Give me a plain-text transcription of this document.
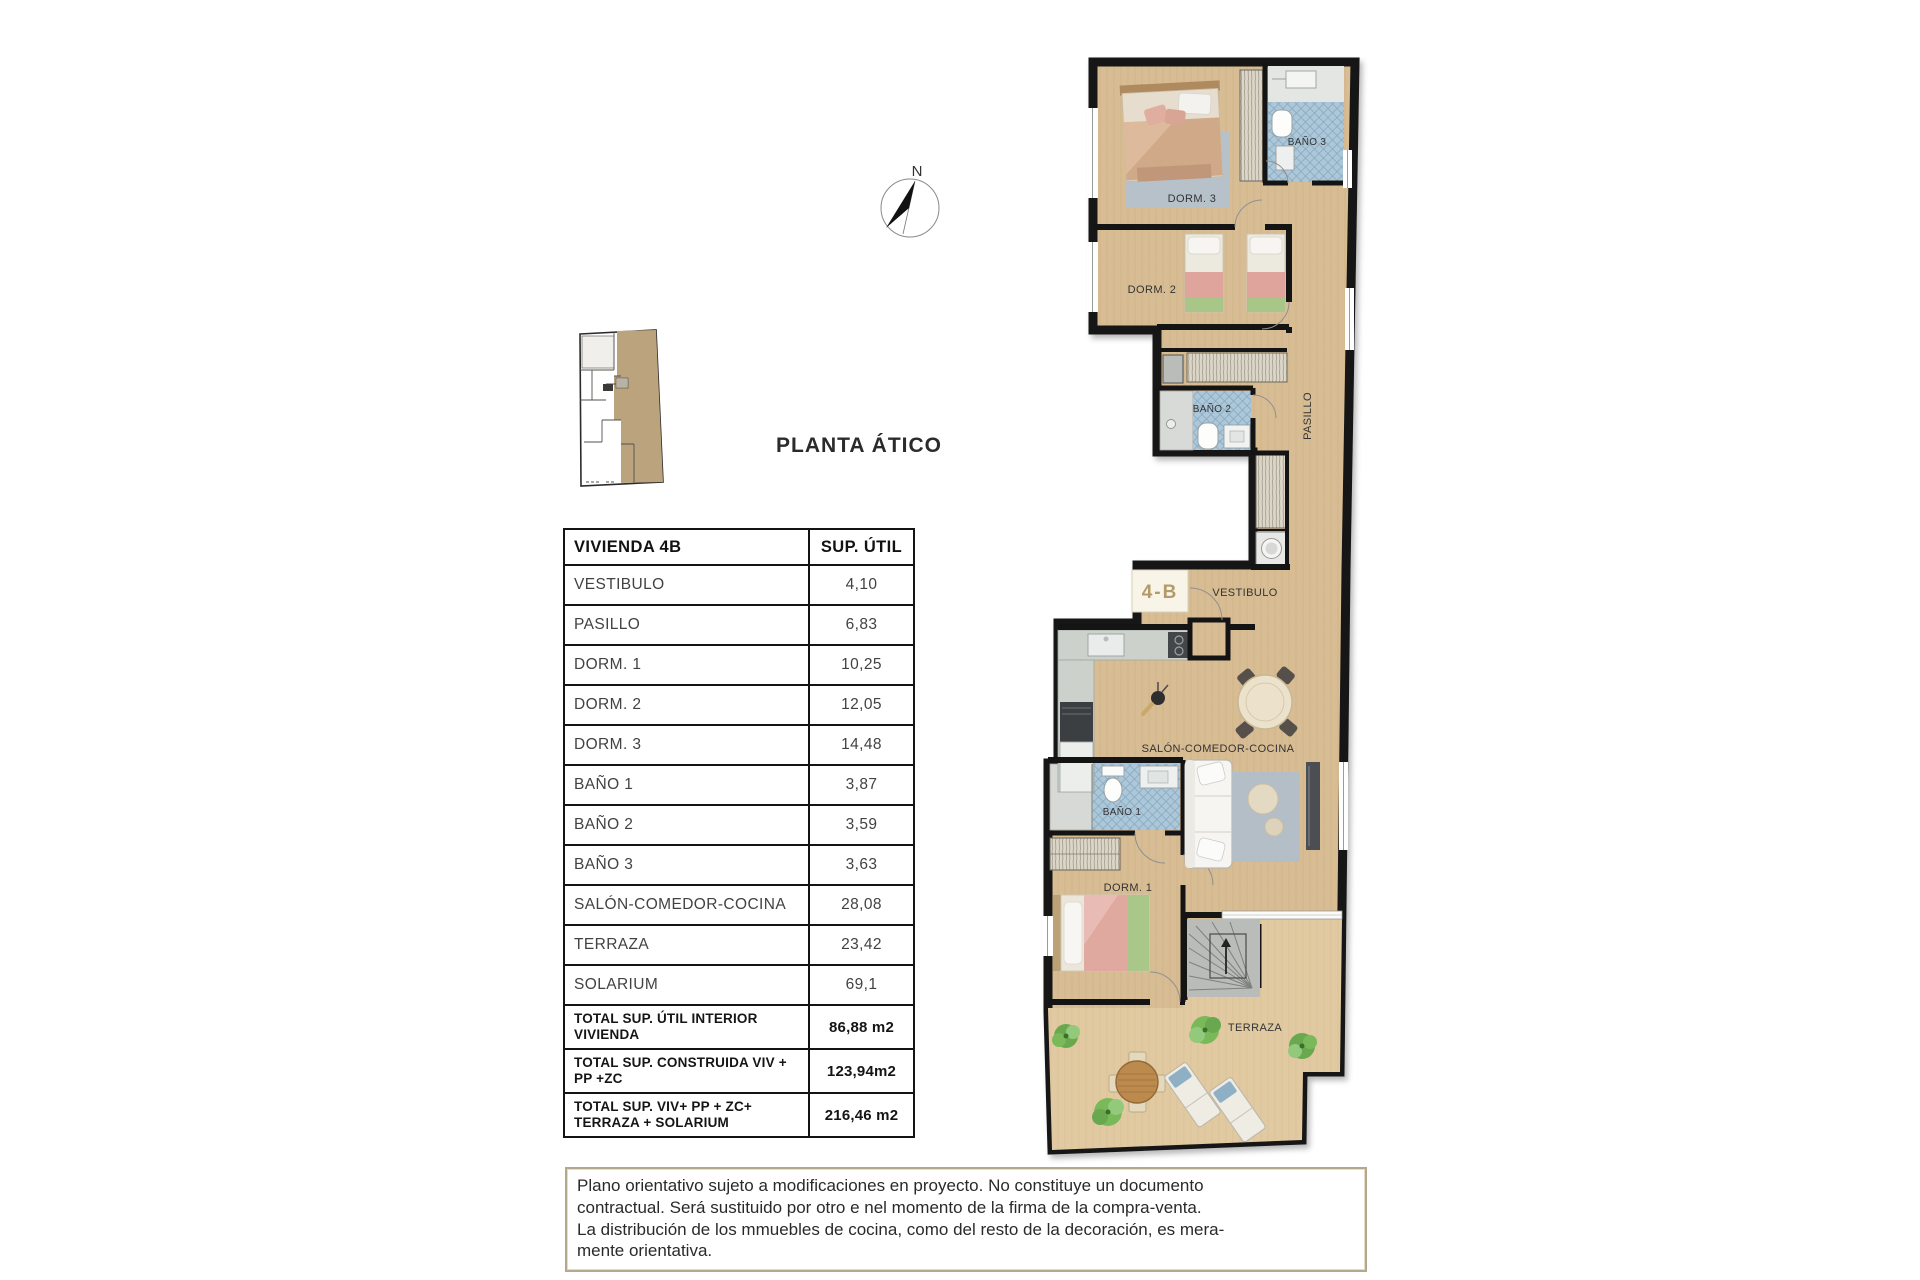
N
PLANTA ÁTICO
VIVIENDA 4B	SUP. ÚTIL
VESTIBULO	4,10
PASILLO	6,83
DORM. 1	10,25
DORM. 2	12,05
DORM. 3	14,48
BAÑO 1	3,87
BAÑO 2	3,59
BAÑO 3	3,63
SALÓN-COMEDOR-COCINA	28,08
TERRAZA	23,42
SOLARIUM	69,1
TOTAL SUP. ÚTIL INTERIOR VIVIENDA	86,88 m2
TOTAL SUP. CONSTRUIDA VIV + PP +ZC	123,94m2
TOTAL SUP. VIV+ PP + ZC+ TERRAZA + SOLARIUM	216,46 m2
4-B
DORM. 3
BAÑO 3
DORM. 2
BAÑO 2	PASILLO
VESTIBULO
SALÓN-COMEDOR-COCINA
BAÑO 1
DORM. 1
TERRAZA
Plano orientativo sujeto a modificaciones en proyecto. No constituye un documento
contractual. Será sustituido por otro e nel momento de la firma de la compra-venta.
La distribución de los mmuebles de cocina, como del resto de la decoración, es mera-
mente orientativa.
